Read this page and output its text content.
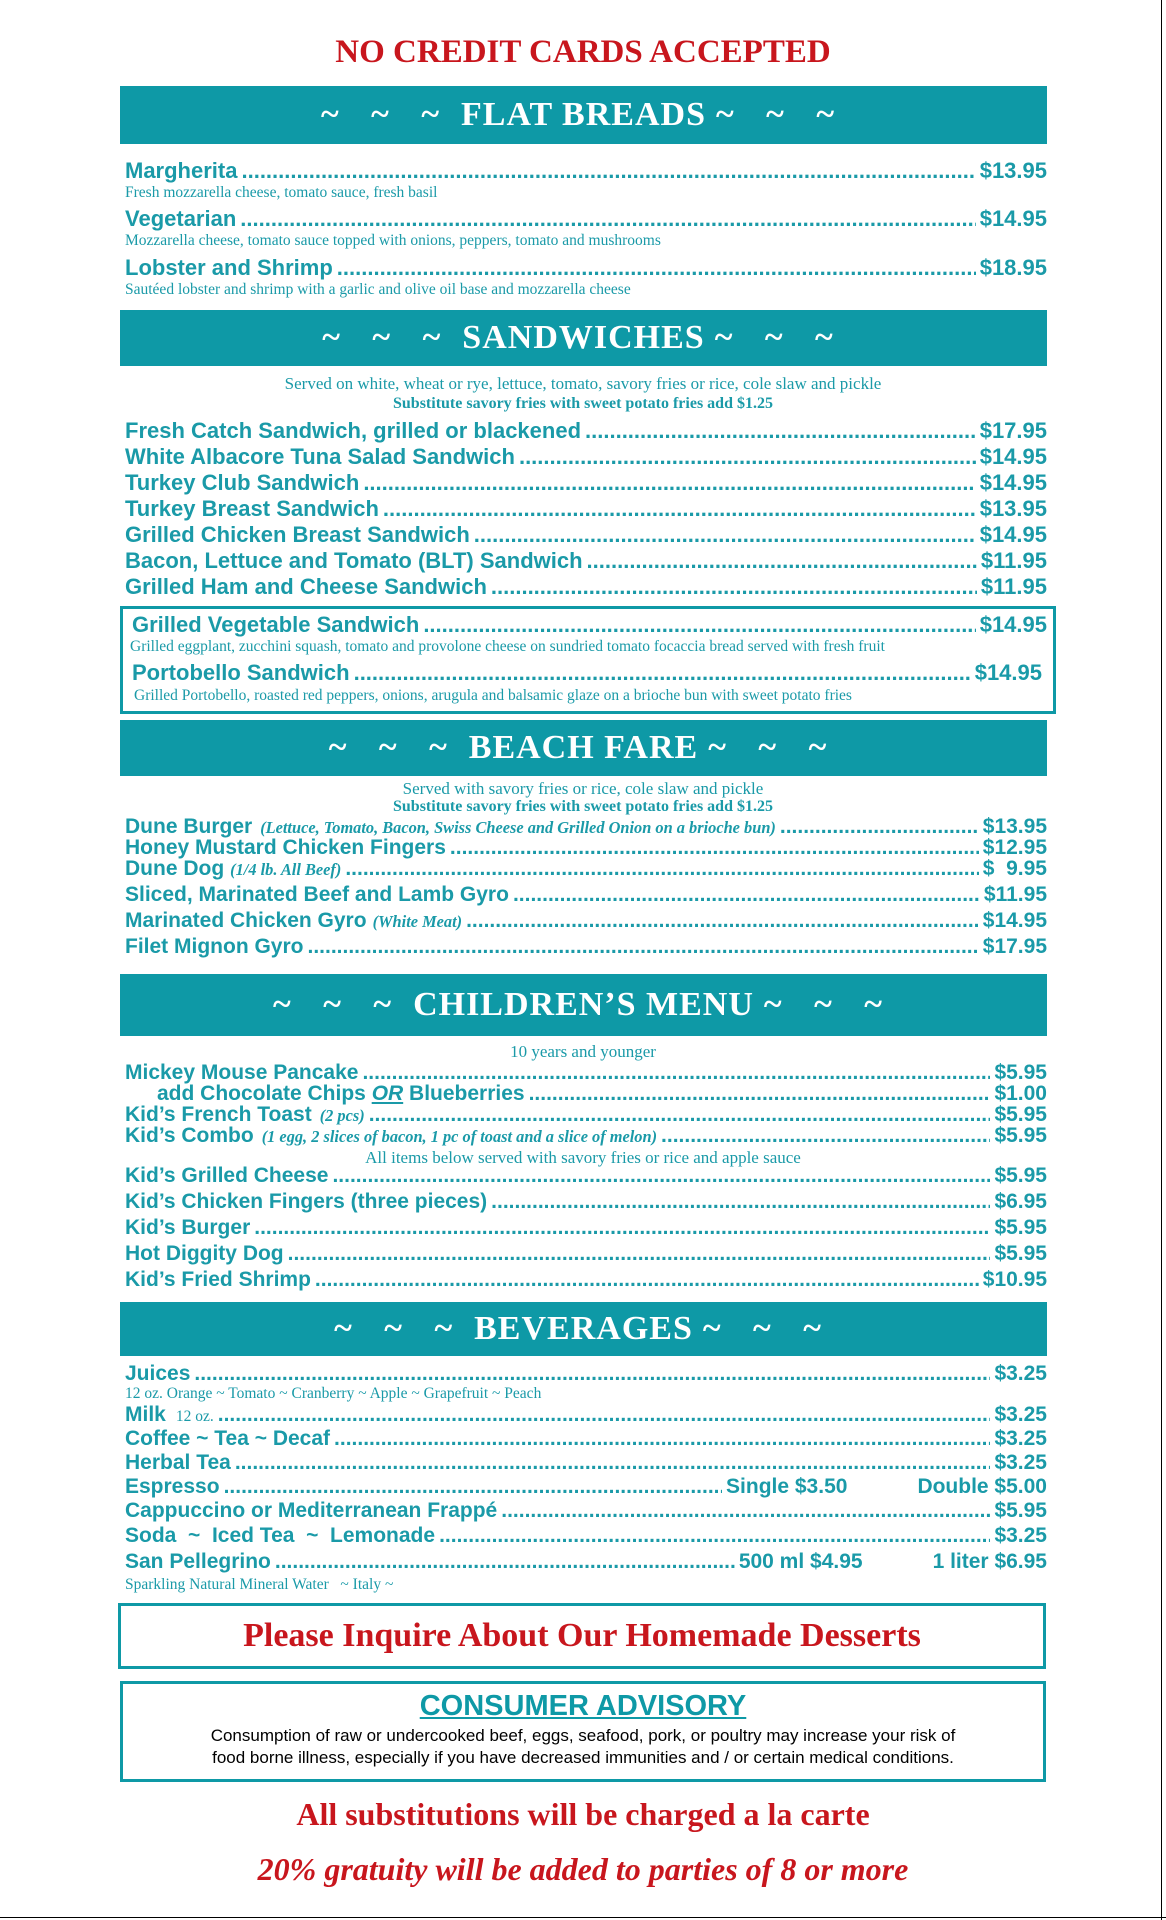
NO CREDIT CARDS ACCEPTED
~ ~ ~ FLAT BREADS ~ ~ ~
Margherita .....	$13.95
Fresh mozzarella cheese, tomato sauce, fresh basil
Vegetarian .....	$14.95
Mozzarella cheese, tomato sauce topped with onions, peppers, tomato and mushrooms
Lobster and Shrimp .....	$18.95
Sautéed lobster and shrimp with a garlic and olive oil base and mozzarella cheese
~ ~ ~ SANDWICHES ~ ~ ~
Served on white, wheat or rye, lettuce, tomato, savory fries or rice, cole slaw and pickle
Substitute savory fries with sweet potato fries add $1.25
Fresh Catch Sandwich, grilled or blackened .....	$17.95
White Albacore Tuna Salad Sandwich .....	$14.95
Turkey Club Sandwich .....	$14.95
Turkey Breast Sandwich .....	$13.95
Grilled Chicken Breast Sandwich .....	$14.95
Bacon, Lettuce and Tomato (BLT) Sandwich .....	$11.95
Grilled Ham and Cheese Sandwich .....	$11.95
Grilled Vegetable Sandwich .....	$14.95
Grilled eggplant, zucchini squash, tomato and provolone cheese on sundried tomato focaccia bread served with fresh fruit
Portobello Sandwich .....	$14.95
Grilled Portobello, roasted red peppers, onions, arugula and balsamic glaze on a brioche bun with sweet potato fries
~ ~ ~ BEACH FARE ~ ~ ~
Served with savory fries or rice, cole slaw and pickle
Substitute savory fries with sweet potato fries add $1.25
Dune Burger (Lettuce, Tomato, Bacon, Swiss Cheese and Grilled Onion on a brioche bun) .....	$13.95
Honey Mustard Chicken Fingers .....	$12.95
Dune Dog (1/4 lb. All Beef) .....	$  9.95
Sliced, Marinated Beef and Lamb Gyro .....	$11.95
Marinated Chicken Gyro (White Meat) .....	$14.95
Filet Mignon Gyro .....	$17.95
~ ~ ~ CHILDREN’S MENU ~ ~ ~
10 years and younger
Mickey Mouse Pancake .....	$5.95
add Chocolate Chips OR Blueberries .....	$1.00
Kid’s French Toast (2 pcs) .....	$5.95
Kid’s Combo (1 egg, 2 slices of bacon, 1 pc of toast and a slice of melon) .....	$5.95
All items below served with savory fries or rice and apple sauce
Kid’s Grilled Cheese .....	$5.95
Kid’s Chicken Fingers (three pieces) .....	$6.95
Kid’s Burger .....	$5.95
Hot Diggity Dog .....	$5.95
Kid’s Fried Shrimp .....	$10.95
~ ~ ~ BEVERAGES ~ ~ ~
Juices .....	$3.25
12 oz. Orange ~ Tomato ~ Cranberry ~ Apple ~ Grapefruit ~ Peach
Milk 12 oz. .....	$3.25
Coffee ~ Tea ~ Decaf .....	$3.25
Herbal Tea .....	$3.25
Espresso .....	Single $3.50	Double $5.00
Cappuccino or Mediterranean Frappé .....	$5.95
Soda  ~  Iced Tea  ~  Lemonade .....	$3.25
San Pellegrino .....	500 ml $4.95	1 liter $6.95
Sparkling Natural Mineral Water   ~ Italy ~
Please Inquire About Our Homemade Desserts
CONSUMER ADVISORY
Consumption of raw or undercooked beef, eggs, seafood, pork, or poultry may increase your risk of
food borne illness, especially if you have decreased immunities and / or certain medical conditions.
All substitutions will be charged a la carte
20% gratuity will be added to parties of 8 or more
